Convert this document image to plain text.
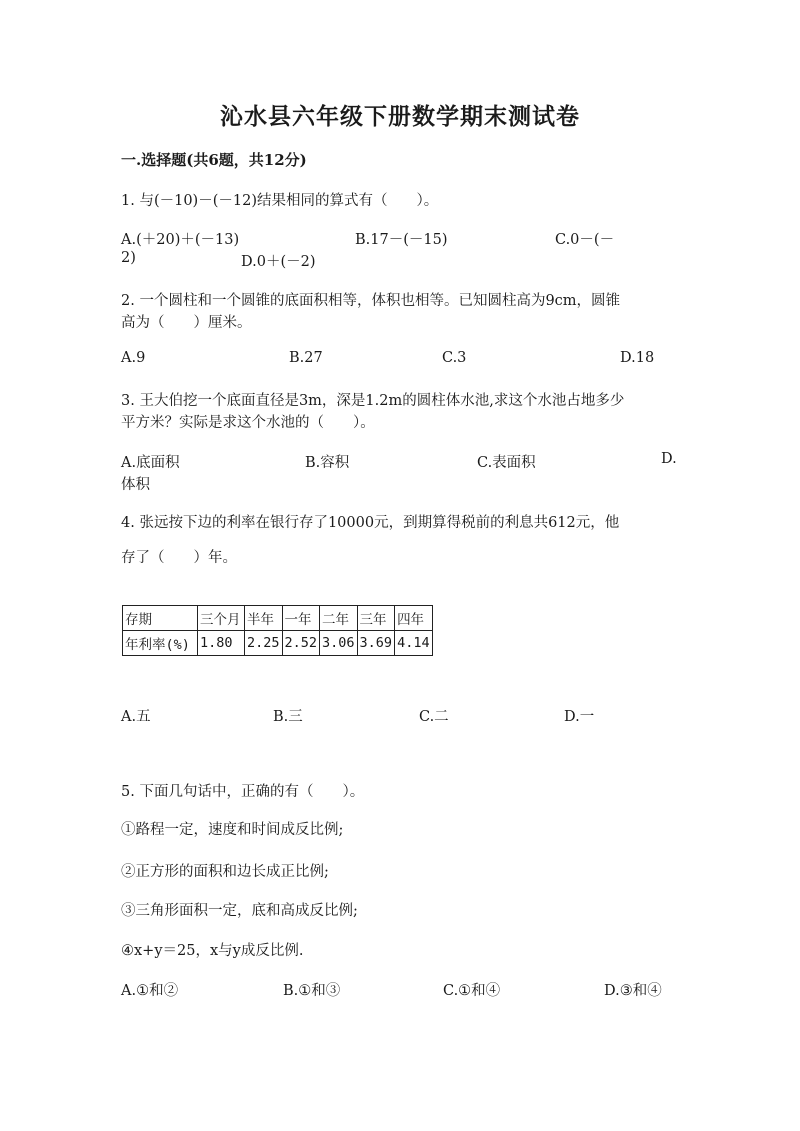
沁水县六年级下册数学期末测试卷
一.选择题(共6题，共12分)
1. 与(－10)－(－12)结果相同的算式有（　　）。
A.(＋20)＋(－13)	B.17－(－15)	C.0－(－
2)	D.0＋(－2)
2. 一个圆柱和一个圆锥的底面积相等，体积也相等。已知圆柱高为9cm，圆锥
高为（　　）厘米。
A.9	B.27	C.3	D.18
3. 王大伯挖一个底面直径是3m，深是1.2m的圆柱体水池,求这个水池占地多少
平方米？实际是求这个水池的（　　）。
A.底面积	B.容积	C.表面积	D.
体积
4. 张远按下边的利率在银行存了10000元，到期算得税前的利息共612元，他
存了（　　）年。
存期	三个月	半年	一年	二年	三年	四年
年利率(%)	1.80	2.25	2.52	3.06	3.69	4.14
A.五	B.三	C.二	D.一
5. 下面几句话中，正确的有（　　）。
①路程一定，速度和时间成反比例;
②正方形的面积和边长成正比例;
③三角形面积一定，底和高成反比例;
④x+y＝25，x与y成反比例.
A.①和②	B.①和③	C.①和④	D.③和④
